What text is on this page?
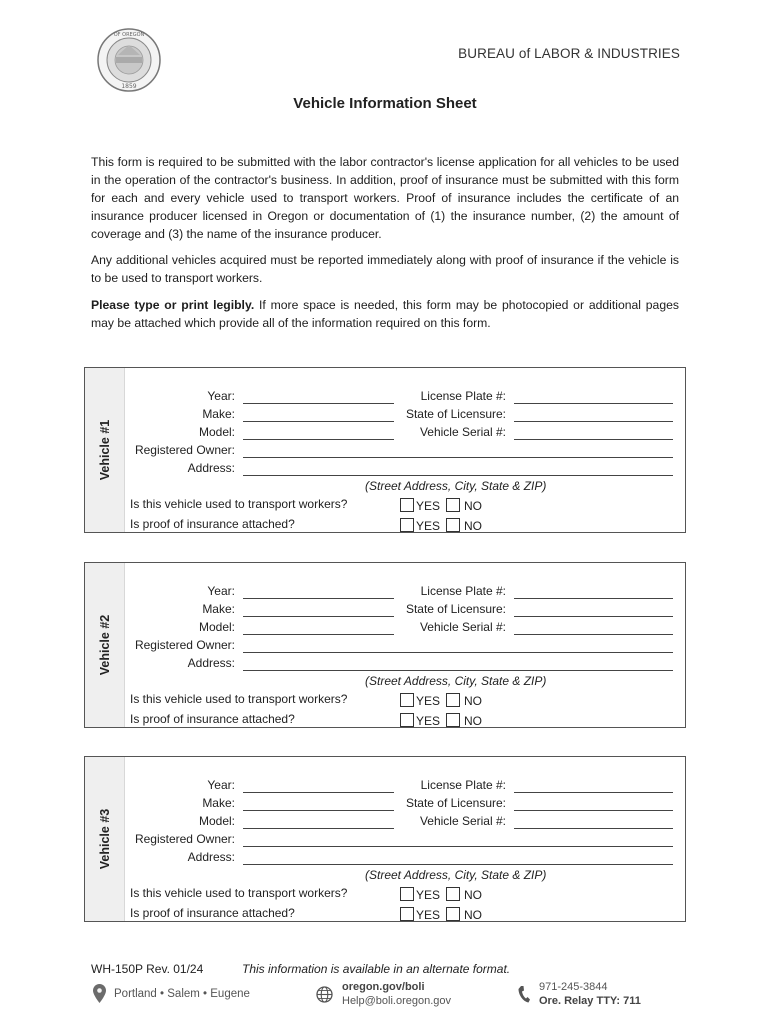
1859
OF OREGON
BUREAU of LABOR & INDUSTRIES
Vehicle Information Sheet

This form is required to be submitted with the labor contractor's license application for all vehicles to be used in the operation of the contractor's business. In addition, proof of insurance must be submitted with this form for each and every vehicle used to transport workers. Proof of insurance includes the certificate of an insurance producer licensed in Oregon or documentation of (1) the insurance number, (2) the amount of coverage and (3) the name of the insurance producer.

Any additional vehicles acquired must be reported immediately along with proof of insurance if the vehicle is to be used to transport workers.

Please type or print legibly. If more space is needed, this form may be photocopied or additional pages may be attached which provide all of the information required on this form.

Vehicle #1
Year:
Make:
Model:
Registered Owner:
Address:
License Plate #:
State of Licensure:
Vehicle Serial #:
(Street Address, City, State & ZIP)
Is this vehicle used to transport workers?	YES NO
Is proof of insurance attached?	YES NO
Vehicle #2
Year:
Make:
Model:
Registered Owner:
Address:
License Plate #:
State of Licensure:
Vehicle Serial #:
(Street Address, City, State & ZIP)
Is this vehicle used to transport workers?	YES NO
Is proof of insurance attached?	YES NO
Vehicle #3
Year:
Make:
Model:
Registered Owner:
Address:
License Plate #:
State of Licensure:
Vehicle Serial #:
(Street Address, City, State & ZIP)
Is this vehicle used to transport workers?	YES NO
Is proof of insurance attached?	YES NO
WH-150P Rev. 01/24	This information is available in an alternate format.
Portland • Salem • Eugene
oregon.gov/boli
Help@boli.oregon.gov
971-245-3844
Ore. Relay TTY: 711
